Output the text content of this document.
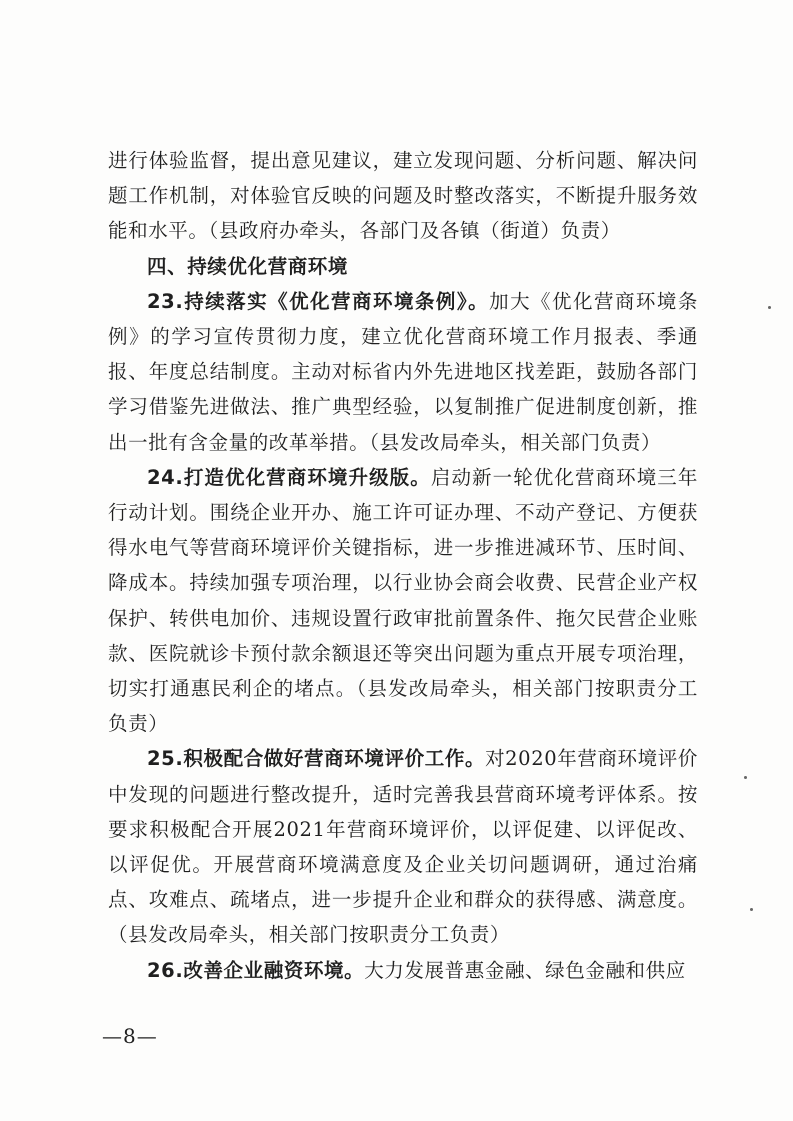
进行体验监督，提出意见建议，建立发现问题、分析问题、解决问题工作机制，对体验官反映的问题及时整改落实，不断提升服务效能和水平。（县政府办牵头，各部门及各镇（街道）负责）

四、持续优化营商环境

23.持续落实《优化营商环境条例》。加大《优化营商环境条例》的学习宣传贯彻力度，建立优化营商环境工作月报表、季通报、年度总结制度。主动对标省内外先进地区找差距，鼓励各部门学习借鉴先进做法、推广典型经验，以复制推广促进制度创新，推出一批有含金量的改革举措。（县发改局牵头，相关部门负责）

24.打造优化营商环境升级版。启动新一轮优化营商环境三年行动计划。围绕企业开办、施工许可证办理、不动产登记、方便获得水电气等营商环境评价关键指标，进一步推进减环节、压时间、降成本。持续加强专项治理，以行业协会商会收费、民营企业产权保护、转供电加价、违规设置行政审批前置条件、拖欠民营企业账款、医院就诊卡预付款余额退还等突出问题为重点开展专项治理，切实打通惠民利企的堵点。（县发改局牵头，相关部门按职责分工负责）

25.积极配合做好营商环境评价工作。对2020年营商环境评价中发现的问题进行整改提升，适时完善我县营商环境考评体系。按要求积极配合开展2021年营商环境评价，以评促建、以评促改、以评促优。开展营商环境满意度及企业关切问题调研，通过治痛点、攻难点、疏堵点，进一步提升企业和群众的获得感、满意度。（县发改局牵头，相关部门按职责分工负责）

26.改善企业融资环境。大力发展普惠金融、绿色金融和供应

—8—
